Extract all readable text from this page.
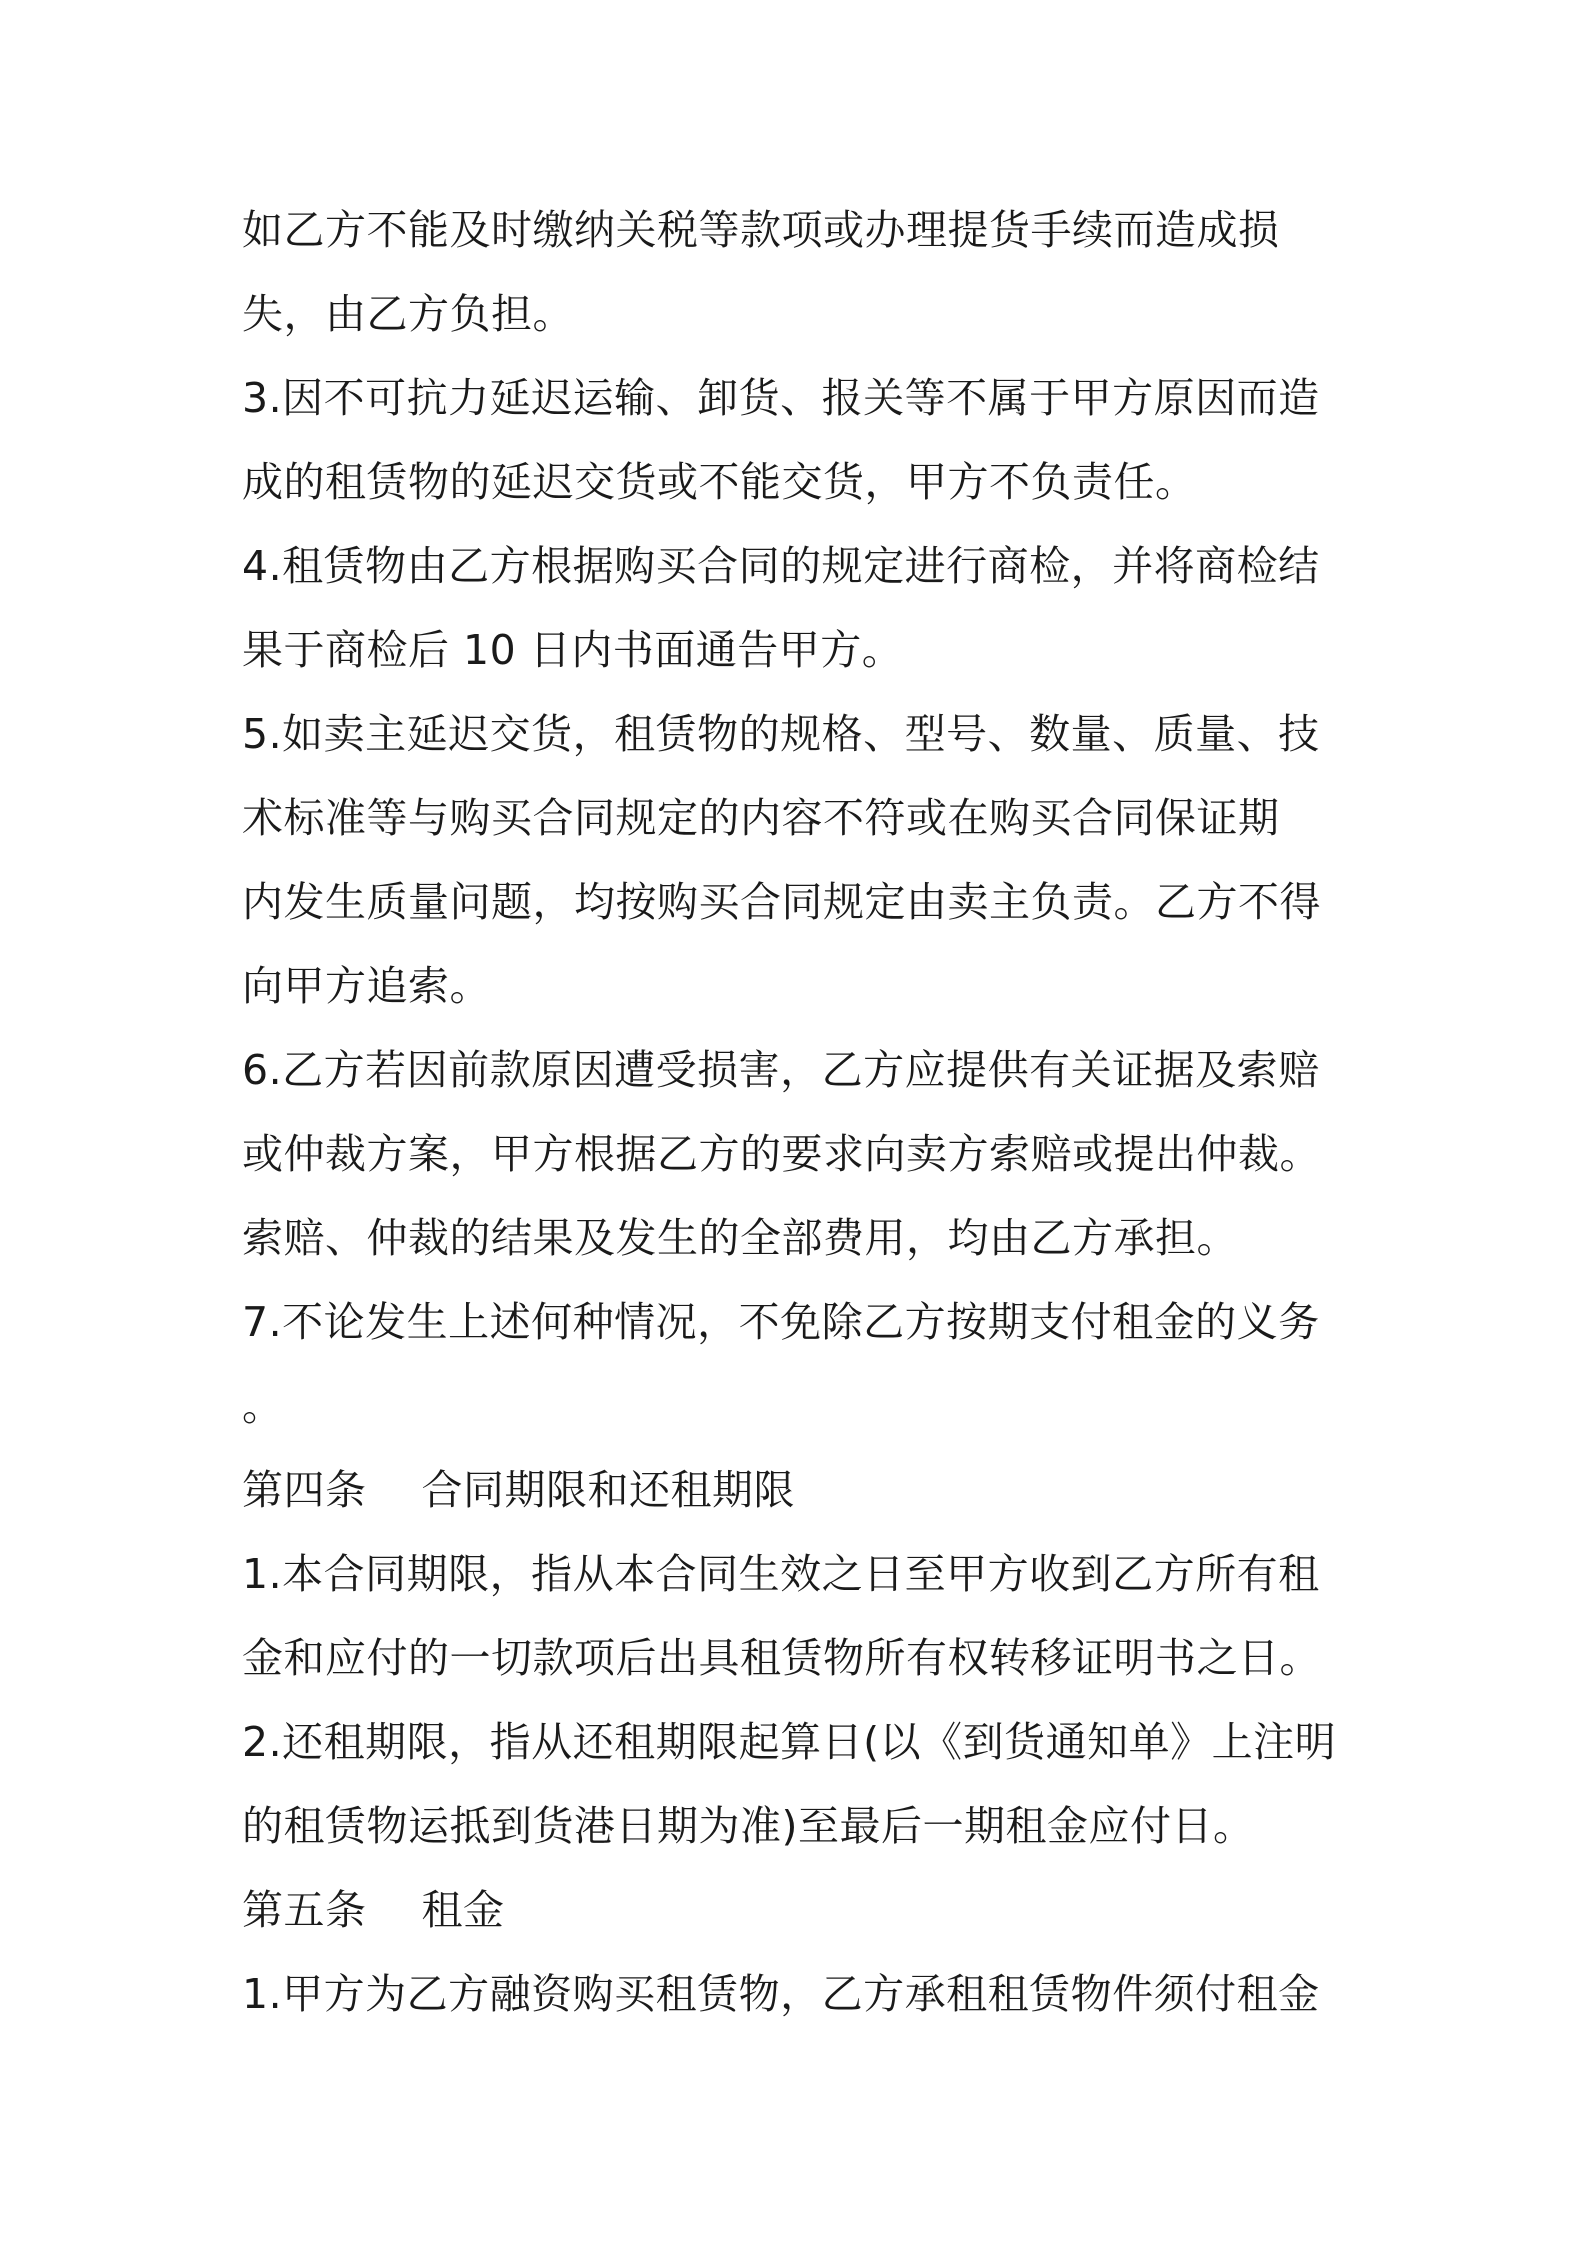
如乙方不能及时缴纳关税等款项或办理提货手续而造成损
失，由乙方负担。
3.因不可抗力延迟运输、卸货、报关等不属于甲方原因而造
成的租赁物的延迟交货或不能交货，甲方不负责任。
4.租赁物由乙方根据购买合同的规定进行商检，并将商检结
果于商检后 10 日内书面通告甲方。
5.如卖主延迟交货，租赁物的规格、型号、数量、质量、技
术标准等与购买合同规定的内容不符或在购买合同保证期
内发生质量问题，均按购买合同规定由卖主负责。乙方不得
向甲方追索。
6.乙方若因前款原因遭受损害，乙方应提供有关证据及索赔
或仲裁方案，甲方根据乙方的要求向卖方索赔或提出仲裁。
索赔、仲裁的结果及发生的全部费用，均由乙方承担。
7.不论发生上述何种情况，不免除乙方按期支付租金的义务
。
第四条　 合同期限和还租期限
1.本合同期限，指从本合同生效之日至甲方收到乙方所有租
金和应付的一切款项后出具租赁物所有权转移证明书之日。
2.还租期限，指从还租期限起算日(以《到货通知单》上注明
的租赁物运抵到货港日期为准)至最后一期租金应付日。
第五条　 租金
1.甲方为乙方融资购买租赁物，乙方承租租赁物件须付租金
